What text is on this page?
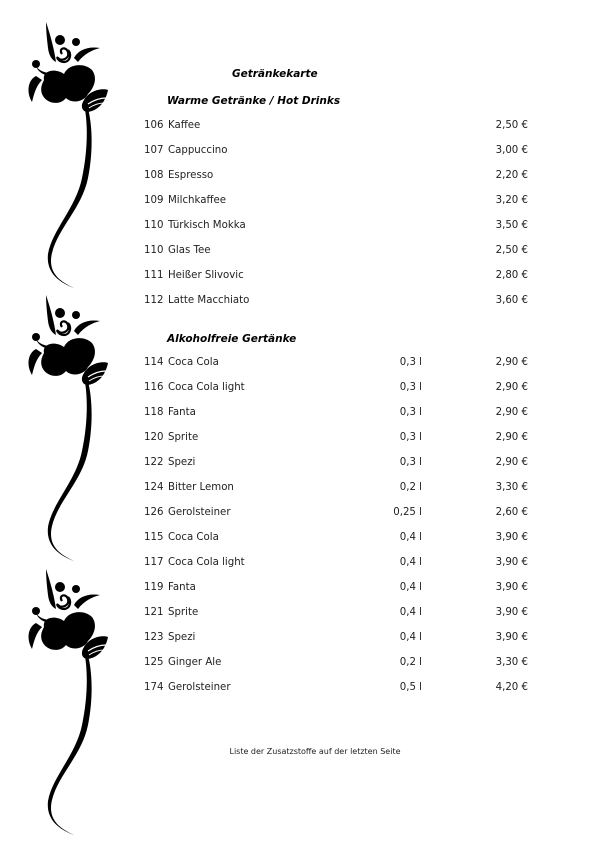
Getränkekarte
Warme Getränke / Hot Drinks
106 Kaffee	2,50 €
107 Cappuccino	3,00 €
108 Espresso	2,20 €
109 Milchkaffee	3,20 €
110 Türkisch Mokka	3,50 €
110 Glas Tee	2,50 €
111 Heißer Slivovic	2,80 €
112 Latte Macchiato	3,60 €
Alkoholfreie Gertänke
114 Coca Cola	0,3 l	2,90 €
116 Coca Cola light	0,3 l	2,90 €
118 Fanta	0,3 l	2,90 €
120 Sprite	0,3 l	2,90 €
122 Spezi	0,3 l	2,90 €
124 Bitter Lemon	0,2 l	3,30 €
126 Gerolsteiner	0,25 l	2,60 €
115 Coca Cola	0,4 l	3,90 €
117 Coca Cola light	0,4 l	3,90 €
119 Fanta	0,4 l	3,90 €
121 Sprite	0,4 l	3,90 €
123 Spezi	0,4 l	3,90 €
125 Ginger Ale	0,2 l	3,30 €
174 Gerolsteiner	0,5 l	4,20 €
Liste der Zusatzstoffe auf der letzten Seite
